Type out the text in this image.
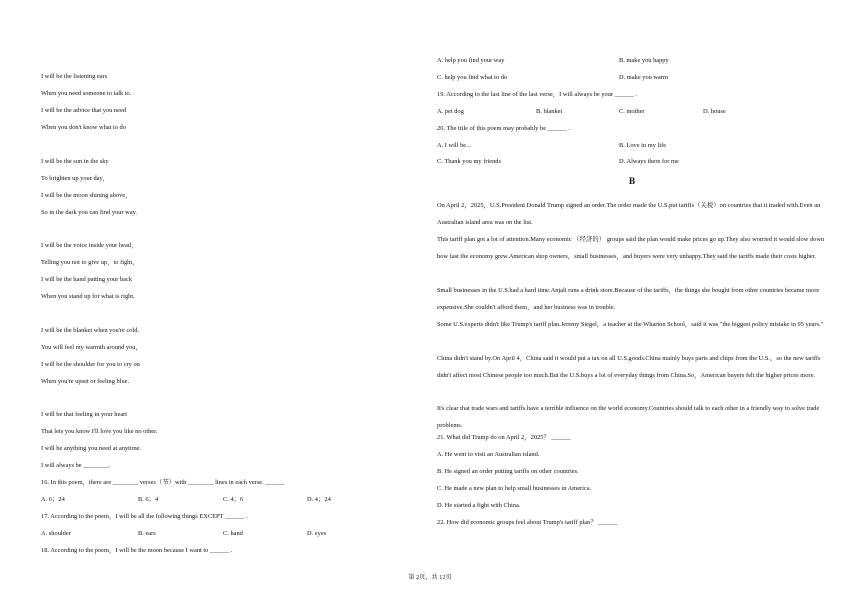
I will be the listening ears
When you need someone to talk to.
I will be the advice that you need
When you don't know what to do
I will be the sun in the sky
To brighten up your day，
I will be the moon shining above，
So in the dark you can find your way.
I will be the voice inside your head，
Telling you not to give up，to fight，
I will be the hand patting your back
When you stand up for what is right.
I will be the blanket when you're cold.
You will feel my warmth around you，
I will be the shoulder for you to cry on
When you're upset or feeling blue.
I will be that feeling in your heart
That lets you know I'll love you like no other.
I will be anything you need at anytime.
I will always be ________.
16. In this poem，there are ________ verses（节）with ________ lines in each verse. ______
A. 6；24	B. 6；4	C. 4；6	D. 4；24
17. According to the poem，I will be all the following things EXCEPT ______ .
A. shoulder	B. ears	C. hand	D. eyes
18. According to the poem，I will be the moon because I want to ______ .
A. help you find your way	B. make you happy
C. help you find what to do	D. make you warm
19. According to the last line of the last verse，I will always be your ______ .
A. pet dog	B. blanket	C. mother	D. house
20. The title of this poem may probably be ______ .
A. I will be...	B. Love in my life
C. Thank you my friends	D. Always there for me
On April 2，2025，U.S.President Donald Trump signed an order.The order made the U.S.put tariffs（关税）on countries that it traded with.Even an Australian island area was on the list.
This tariff plan got a lot of attention.Many economic （经济的） groups said the plan would make prices go up.They also worried it would slow down how fast the economy grew.American shop owners，small businesses，and buyers were very unhappy.They said the tariffs made their costs higher.
Small businesses in the U.S.had a hard time.Anjali runs a drink store.Because of the tariffs，the things she bought from other countries became more expensive.She couldn't afford them，and her business was in trouble.
Some U.S.experts didn't like Trump's tariff plan.Jeremy Siegel，a teacher at the Wharton School，said it was "the biggest policy mistake in 95 years."
China didn't stand by.On April 4，China said it would put a tax on all U.S.goods.China mainly buys parts and chips from the U.S.，so the new tariffs didn't affect most Chinese people too much.But the U.S.buys a lot of everyday things from China.So，American buyers felt the higher prices more.
It's clear that trade wars and tariffs have a terrible influence on the world economy.Countries should talk to each other in a friendly way to solve trade problems.
21. What did Trump do on April 2，2025？ ______
A. He went to visit an Australian island.
B. He signed an order putting tariffs on other countries.
C. He made a new plan to help small businesses in America.
D. He started a fight with China.
22. How did economic groups feel about Trump's tariff plan？ ______
B
第 2页，共 12页
